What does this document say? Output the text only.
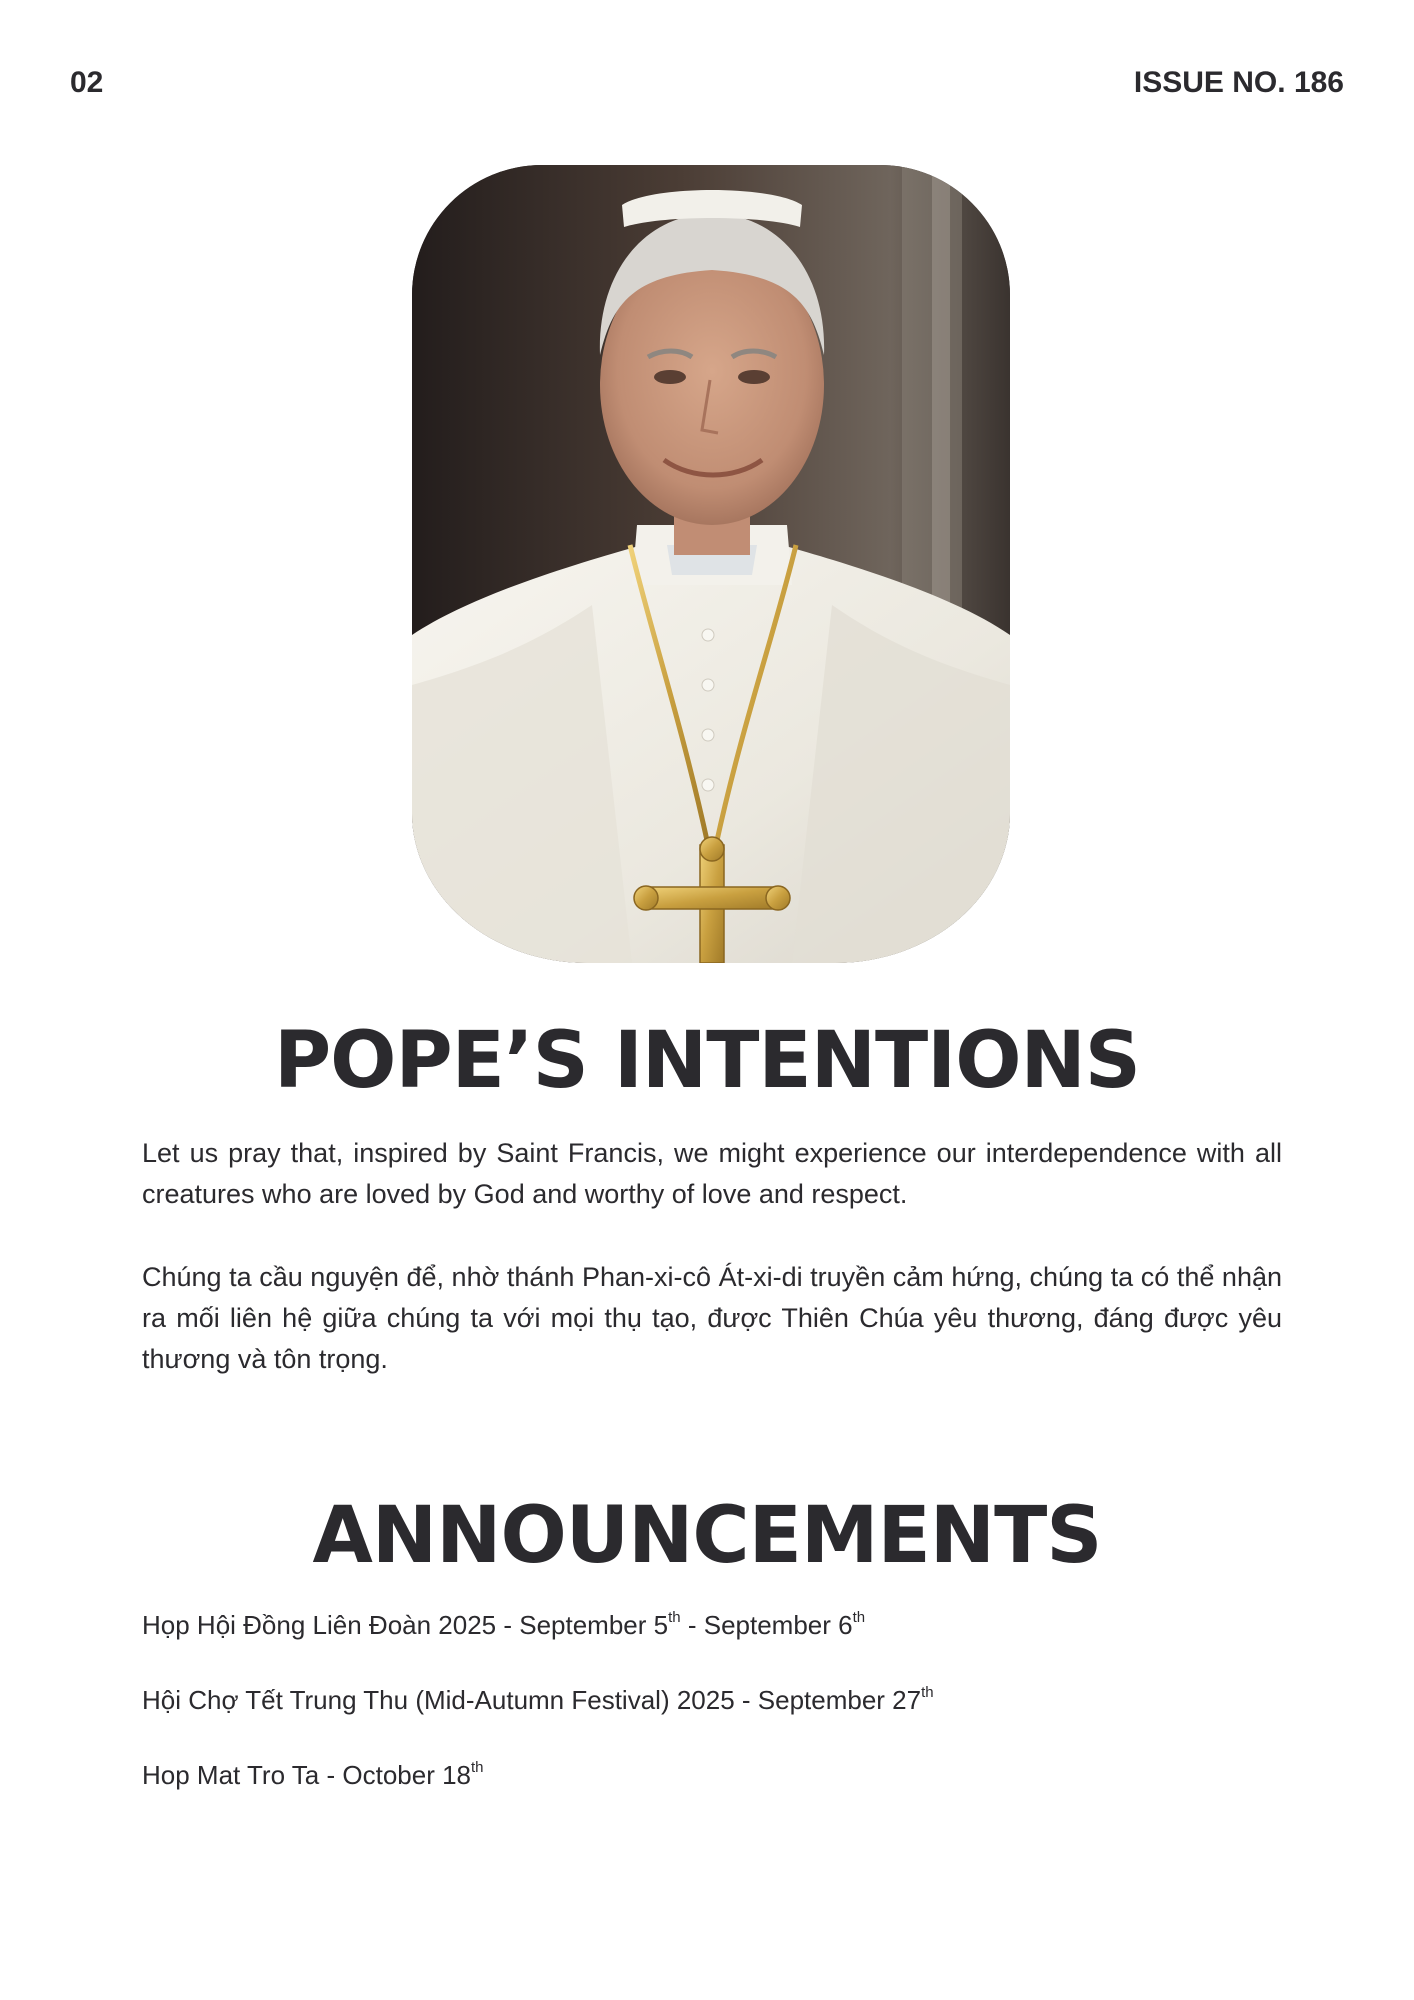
02	ISSUE NO. 186
POPE’S INTENTIONS

Let us pray that, inspired by Saint Francis, we might experience our interdependence with all creatures who are loved by God and worthy of love and respect.

Chúng ta cầu nguyện để, nhờ thánh Phan-xi-cô Át-xi-di truyền cảm hứng, chúng ta có thể nhận ra mối liên hệ giữa chúng ta với mọi thụ tạo, được Thiên Chúa yêu thương, đáng được yêu thương và tôn trọng.

ANNOUNCEMENTS
Họp Hội Đồng Liên Đoàn 2025 - September 5th - September 6th
Hội Chợ Tết Trung Thu (Mid-Autumn Festival) 2025 - September 27th
Hop Mat Tro Ta - October 18th
